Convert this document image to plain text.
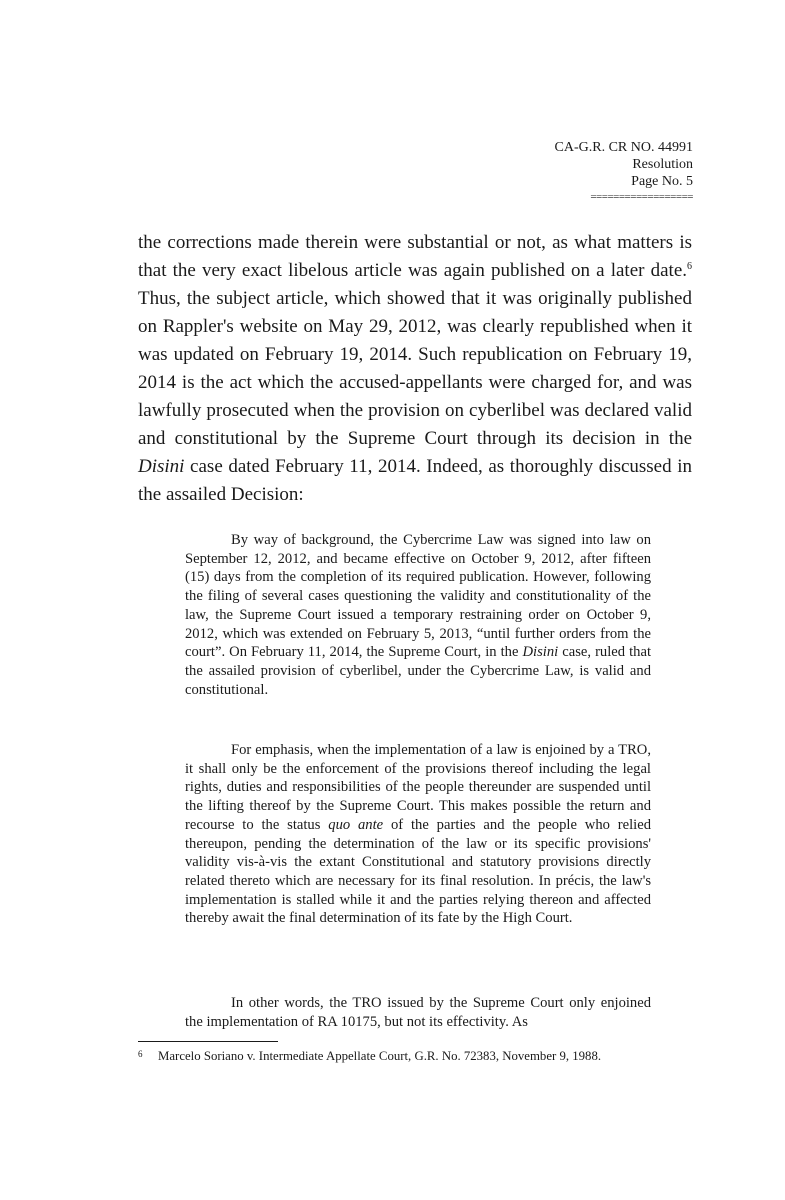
CA-G.R. CR NO. 44991
Resolution
Page No. 5
==================

the corrections made therein were substantial or not, as what matters is that the very exact libelous article was again published on a later date.$^6$ Thus, the subject article, which showed that it was originally published on Rappler's website on May 29, 2012, was clearly republished when it was updated on February 19, 2014. Such republication on February 19, 2014 is the act which the accused-appellants were charged for, and was lawfully prosecuted when the provision on cyberlibel was declared valid and constitutional by the Supreme Court through its decision in the Disini case dated February 11, 2014. Indeed, as thoroughly discussed in the assailed Decision:

By way of background, the Cybercrime Law was signed into law on September 12, 2012, and became effective on October 9, 2012, after fifteen (15) days from the completion of its required publication. However, following the filing of several cases questioning the validity and constitutionality of the law, the Supreme Court issued a temporary restraining order on October 9, 2012, which was extended on February 5, 2013, “until further orders from the court”. On February 11, 2014, the Supreme Court, in the Disini case, ruled that the assailed provision of cyberlibel, under the Cybercrime Law, is valid and constitutional.

For emphasis, when the implementation of a law is enjoined by a TRO, it shall only be the enforcement of the provisions thereof including the legal rights, duties and responsibilities of the people thereunder are suspended until the lifting thereof by the Supreme Court. This makes possible the return and recourse to the status quo ante of the parties and the people who relied thereupon, pending the determination of the law or its specific provisions' validity vis-à-vis the extant Constitutional and statutory provisions directly related thereto which are necessary for its final resolution. In précis, the law's implementation is stalled while it and the parties relying thereon and affected thereby await the final determination of its fate by the High Court.

In other words, the TRO issued by the Supreme Court only enjoined the implementation of RA 10175, but not its effectivity. As

6 Marcelo Soriano v. Intermediate Appellate Court, G.R. No. 72383, November 9, 1988.
